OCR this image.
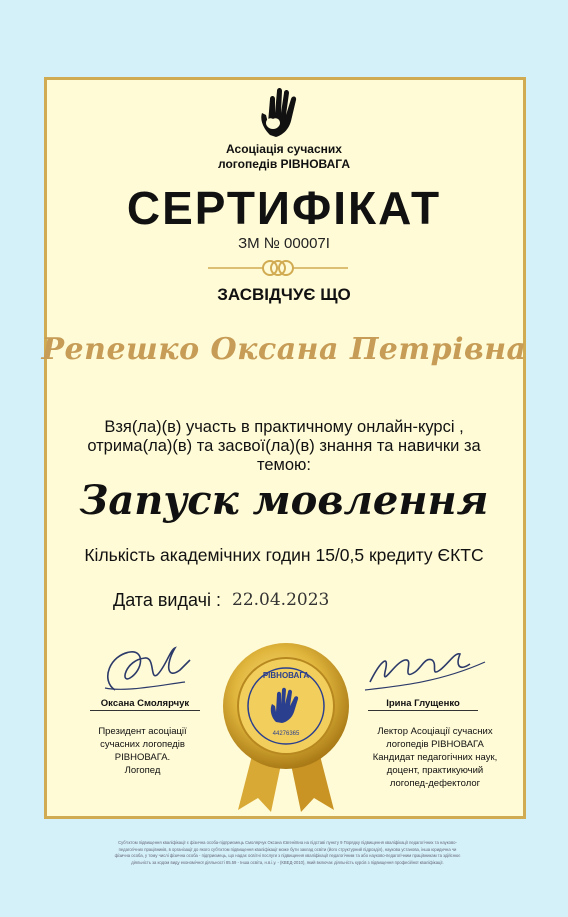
Асоціація сучасних
логопедів РІВНОВАГА
СЕРТИФІКАТ
ЗМ № 00007І
ЗАСВІДЧУЄ ЩО
Репешко Оксана Петрівна
Взя(ла)(в) участь в практичному онлайн-курсі ,
отрима(ла)(в) та засвої(ла)(в) знання та навички за
темою:
Запуск мовлення
Кількість академічних годин 15/0,5 кредиту ЄКТС
Дата видачі : 22.04.2023
Оксана Смолярчук	Ірина Глущенко
Президент асоціації
сучасних логопедів
РІВНОВАГА.
Логопед
Лектор Асоціації сучасних
логопедів РІВНОВАГА
Кандидат педагогічних наук,
доцент, практикуючий
логопед-дефектолог
РІВНОВАГА
44276365
Суб'єктом підвищення кваліфікації є фізична особа-підприємець Смолярчук Оксана Євгеніївна на підставі пункту 9 Порядку підвищення кваліфікації педагогічних та науково-
педагогічних працівників, в організації до якого суб'єктом підвищення кваліфікації може бути заклад освіти (його структурний підрозділ), наукова установа, інша юридична чи
фізична особа, у тому числі фізична особа - підприємець, що надає освітні послуги з підвищення кваліфікації педагогічним та або науково-педагогічним працівникам та здійснює
діяльність за кодом виду економічної діяльності 85.59 - Інша освіта, н.в.і.у. - (КВЕД-2010), який включає діяльність курсів з підвищення професійної кваліфікації.
